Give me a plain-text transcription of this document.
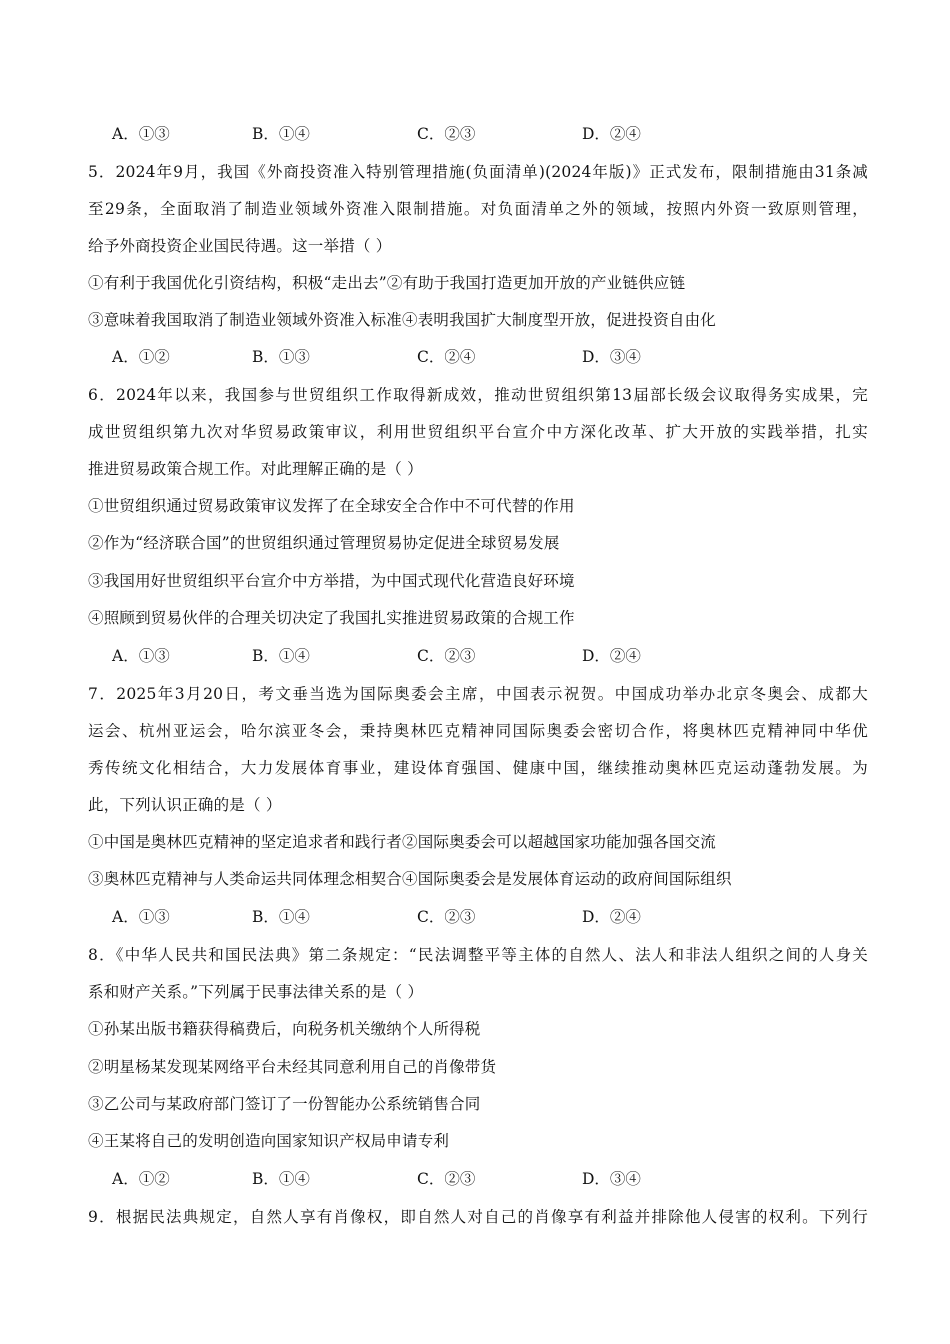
A．①③	B．①④	C．②③	D．②④
5．2024年9月，我国《外商投资准入特别管理措施(负面清单)(2024年版)》正式发布，限制措施由31条减
至29条，全面取消了制造业领域外资准入限制措施。对负面清单之外的领域，按照内外资一致原则管理，
给予外商投资企业国民待遇。这一举措（ ）
①有利于我国优化引资结构，积极“走出去”②有助于我国打造更加开放的产业链供应链
③意味着我国取消了制造业领域外资准入标准④表明我国扩大制度型开放，促进投资自由化
A．①②	B．①③	C．②④	D．③④
6．2024年以来，我国参与世贸组织工作取得新成效，推动世贸组织第13届部长级会议取得务实成果，完
成世贸组织第九次对华贸易政策审议，利用世贸组织平台宣介中方深化改革、扩大开放的实践举措，扎实
推进贸易政策合规工作。对此理解正确的是（ ）
①世贸组织通过贸易政策审议发挥了在全球安全合作中不可代替的作用
②作为“经济联合国”的世贸组织通过管理贸易协定促进全球贸易发展
③我国用好世贸组织平台宣介中方举措，为中国式现代化营造良好环境
④照顾到贸易伙伴的合理关切决定了我国扎实推进贸易政策的合规工作
A．①③	B．①④	C．②③	D．②④
7．2025年3月20日，考文垂当选为国际奥委会主席，中国表示祝贺。中国成功举办北京冬奥会、成都大
运会、杭州亚运会，哈尔滨亚冬会，秉持奥林匹克精神同国际奥委会密切合作，将奥林匹克精神同中华优
秀传统文化相结合，大力发展体育事业，建设体育强国、健康中国，继续推动奥林匹克运动蓬勃发展。为
此，下列认识正确的是（ ）
①中国是奥林匹克精神的坚定追求者和践行者②国际奥委会可以超越国家功能加强各国交流
③奥林匹克精神与人类命运共同体理念相契合④国际奥委会是发展体育运动的政府间国际组织
A．①③	B．①④	C．②③	D．②④
8．《中华人民共和国民法典》第二条规定：“民法调整平等主体的自然人、法人和非法人组织之间的人身关
系和财产关系。”下列属于民事法律关系的是（ ）
①孙某出版书籍获得稿费后，向税务机关缴纳个人所得税
②明星杨某发现某网络平台未经其同意利用自己的肖像带货
③乙公司与某政府部门签订了一份智能办公系统销售合同
④王某将自己的发明创造向国家知识产权局申请专利
A．①②	B．①④	C．②③	D．③④
9．根据民法典规定，自然人享有肖像权，即自然人对自己的肖像享有利益并排除他人侵害的权利。下列行
